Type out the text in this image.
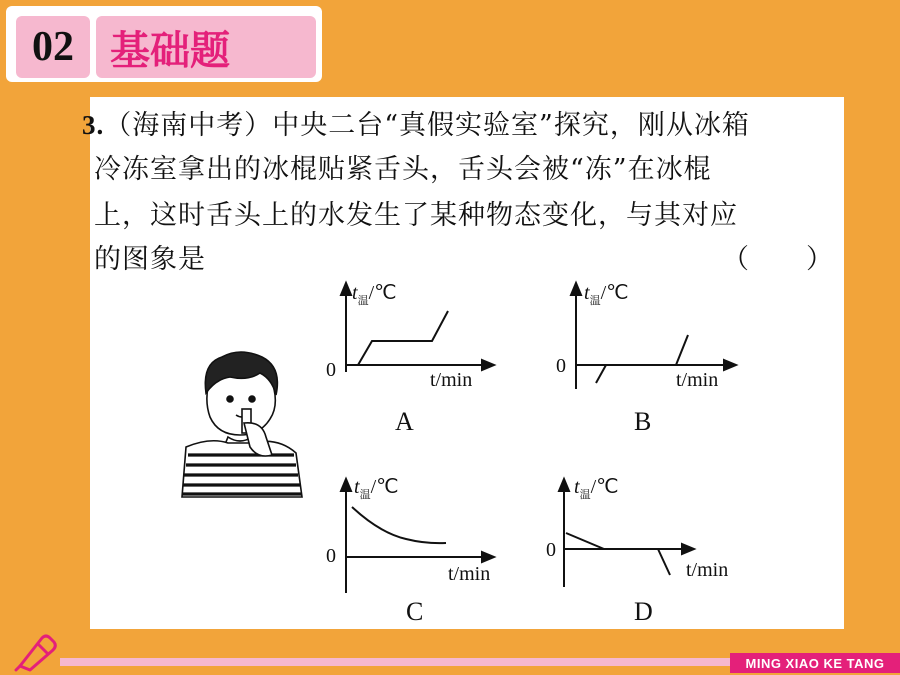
02 基础题
3.（海南中考）中央二台“真假实验室”探究，刚从冰箱
冷冻室拿出的冰棍贴紧舌头，舌头会被“冻”在冰棍
上，这时舌头上的水发生了某种物态变化，与其对应
的图象是	（　　）
$t_温/℃$
0	t/min
A
$t_温/℃$
0
t/min
B
$t_温/℃$
0
t/min
C
$t_温/℃$
0
t/min
D
MING XIAO KE TANG
